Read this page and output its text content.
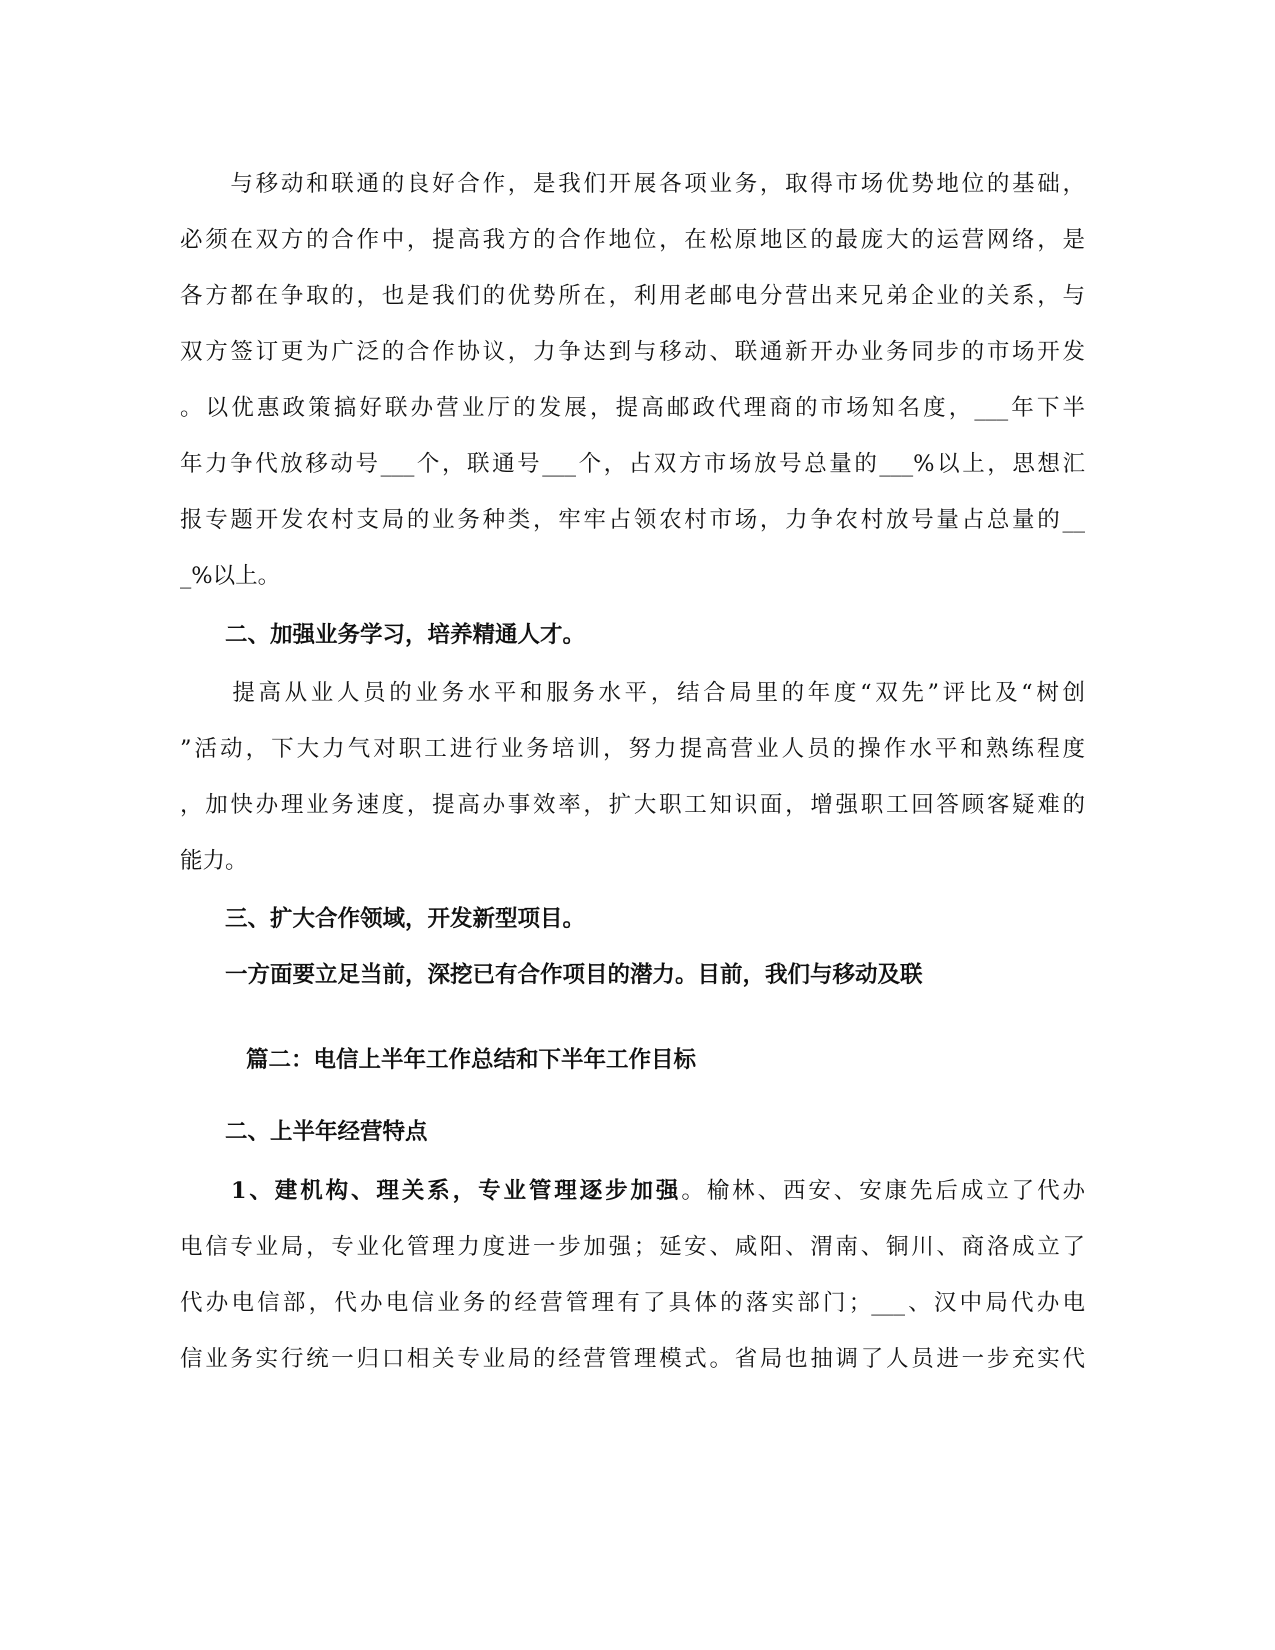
　　与移动和联通的良好合作，是我们开展各项业务，取得市场优势地位的基础，
必须在双方的合作中，提高我方的合作地位，在松原地区的最庞大的运营网络，是
各方都在争取的，也是我们的优势所在，利用老邮电分营出来兄弟企业的关系，与
双方签订更为广泛的合作协议，力争达到与移动、联通新开办业务同步的市场开发
。以优惠政策搞好联办营业厅的发展，提高邮政代理商的市场知名度，___年下半
年力争代放移动号___个，联通号___个，占双方市场放号总量的___%以上，思想汇
报专题开发农村支局的业务种类，牢牢占领农村市场，力争农村放号量占总量的__
_%以上。
　　二、加强业务学习，培养精通人才。
　　提高从业人员的业务水平和服务水平，结合局里的年度“双先”评比及“树创
”活动，下大力气对职工进行业务培训，努力提高营业人员的操作水平和熟练程度
，加快办理业务速度，提高办事效率，扩大职工知识面，增强职工回答顾客疑难的
能力。
　　三、扩大合作领域，开发新型项目。
　　一方面要立足当前，深挖已有合作项目的潜力。目前，我们与移动及联
篇二：电信上半年工作总结和下半年工作目标
　　二、上半年经营特点
　　1、建机构、理关系，专业管理逐步加强。榆林、西安、安康先后成立了代办
电信专业局，专业化管理力度进一步加强；延安、咸阳、渭南、铜川、商洛成立了
代办电信部，代办电信业务的经营管理有了具体的落实部门；___、汉中局代办电
信业务实行统一归口相关专业局的经营管理模式。省局也抽调了人员进一步充实代
